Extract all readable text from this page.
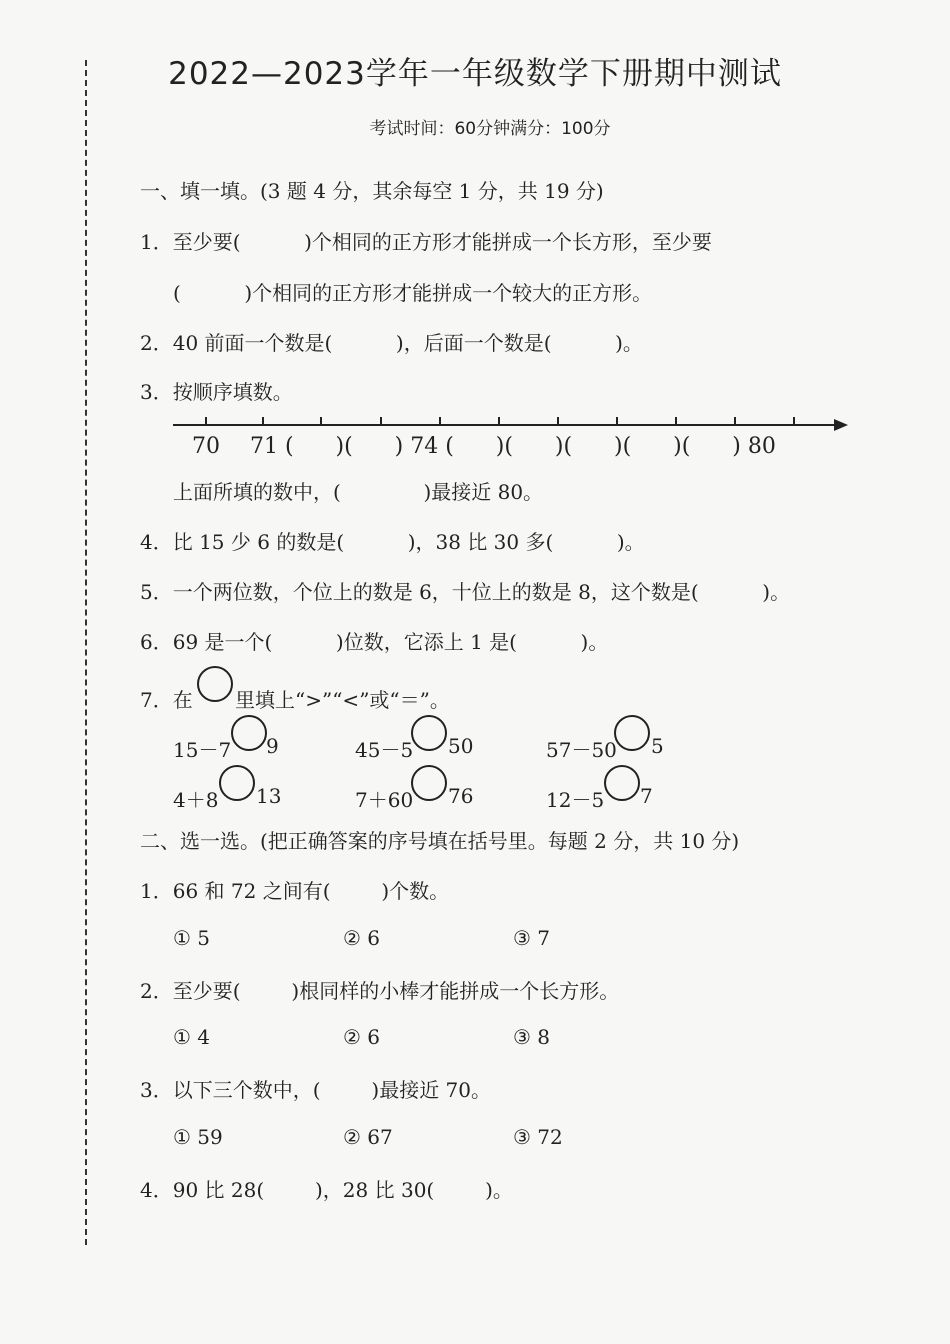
2022—2023学年一年级数学下册期中测试
考试时间：60分钟满分：100分
一、填一填。(3 题 4 分，其余每空 1 分，共 19 分)
1．至少要(          )个相同的正方形才能拼成一个长方形，至少要
(          )个相同的正方形才能拼成一个较大的正方形。
2．40 前面一个数是(          )，后面一个数是(          )。
3．按顺序填数。
70 71 (      )(      ) 74 (      )(      )(      )(      )(      ) 80
上面所填的数中，(             )最接近 80。
4．比 15 少 6 的数是(          )，38 比 30 多(          )。
5．一个两位数，个位上的数是 6，十位上的数是 8，这个数是(          )。
6．69 是一个(          )位数，它添上 1 是(          )。
7．在 里填上“>”“<”或“＝”。
15－7 9	45－5 50	57－50 5
4＋8 13	7＋60 76	12－5 7
二、选一选。(把正确答案的序号填在括号里。每题 2 分，共 10 分)
1．66 和 72 之间有(        )个数。
① 5	② 6	③ 7
2．至少要(        )根同样的小棒才能拼成一个长方形。
① 4	② 6	③ 8
3．以下三个数中，(        )最接近 70。
① 59	② 67	③ 72
4．90 比 28(        )，28 比 30(        )。
